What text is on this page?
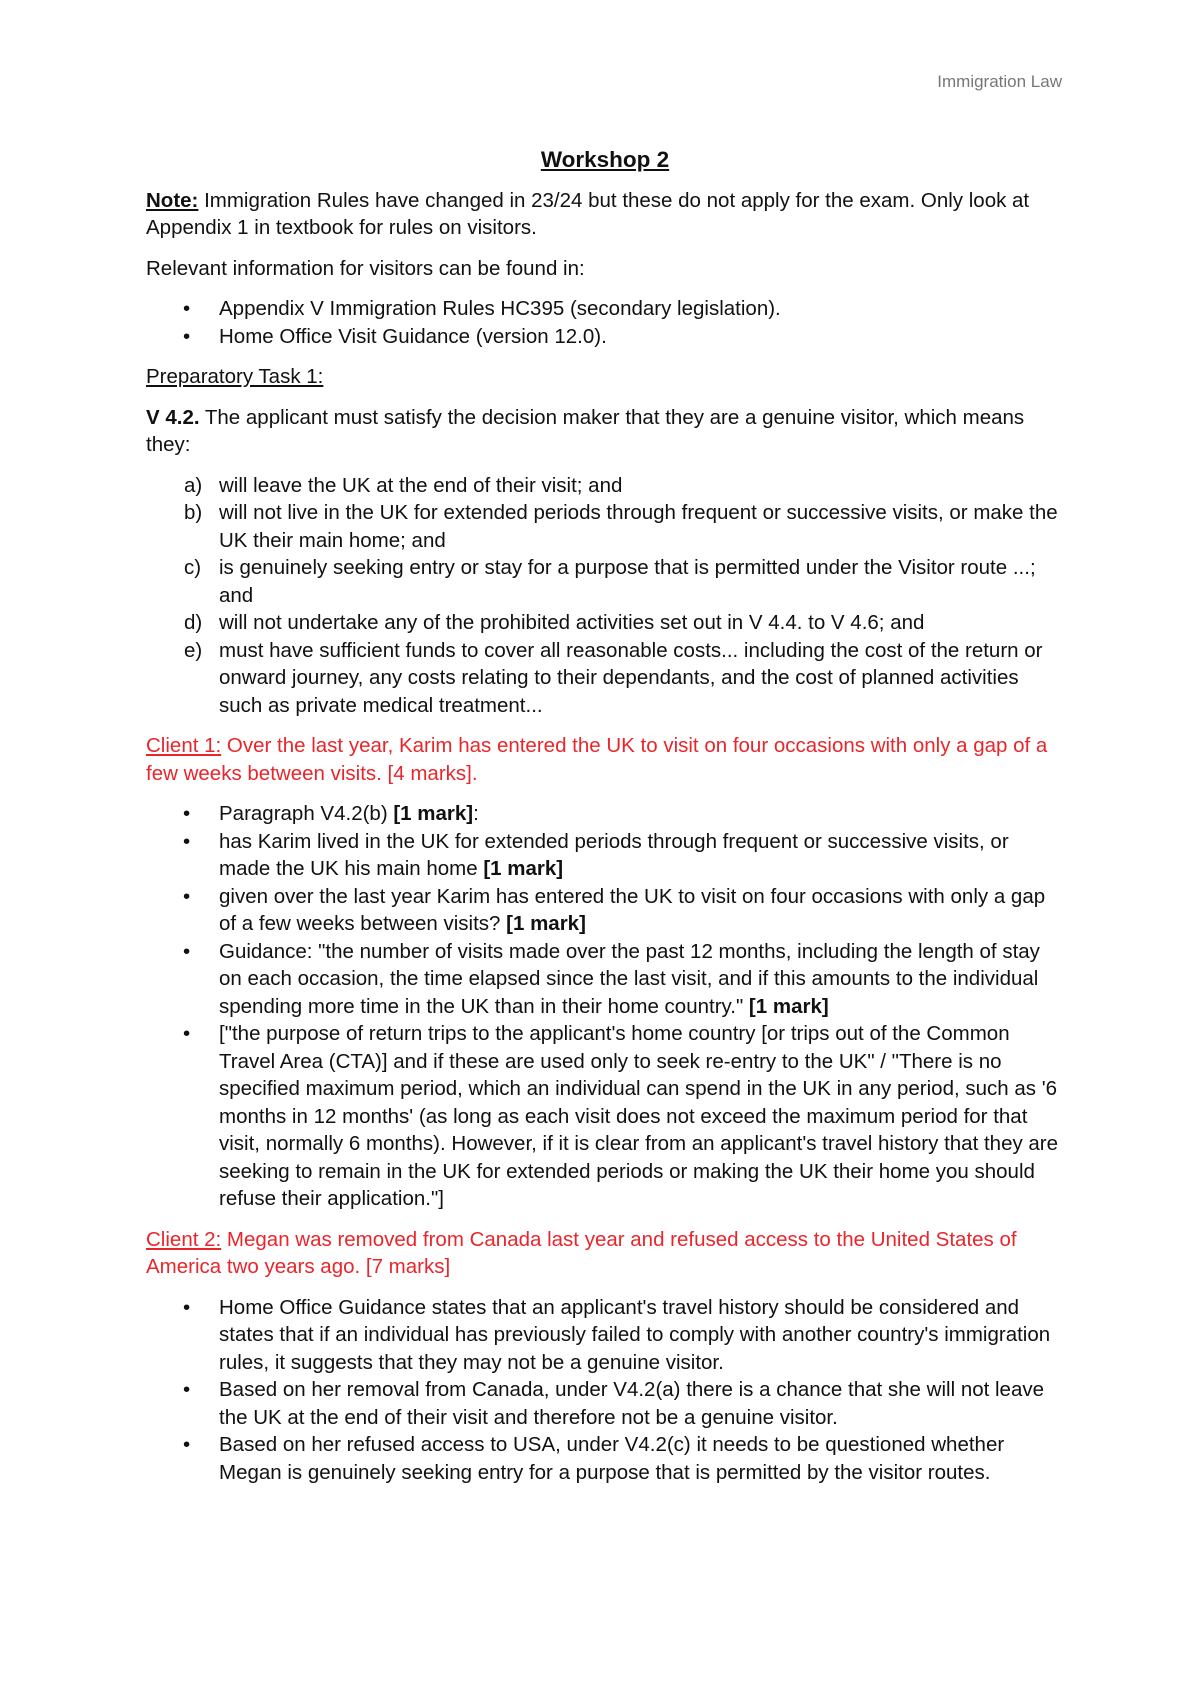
Immigration Law
Workshop 2

Note: Immigration Rules have changed in 23/24 but these do not apply for the exam. Only look at Appendix 1 in textbook for rules on visitors.

Relevant information for visitors can be found in:

• Appendix V Immigration Rules HC395 (secondary legislation).
• Home Office Visit Guidance (version 12.0).

Preparatory Task 1:

V 4.2. The applicant must satisfy the decision maker that they are a genuine visitor, which means they:

a) will leave the UK at the end of their visit; and
b) will not live in the UK for extended periods through frequent or successive visits, or make the UK their main home; and
c) is genuinely seeking entry or stay for a purpose that is permitted under the Visitor route ...; and
d) will not undertake any of the prohibited activities set out in V 4.4. to V 4.6; and
e) must have sufficient funds to cover all reasonable costs... including the cost of the return or onward journey, any costs relating to their dependants, and the cost of planned activities such as private medical treatment...

Client 1: Over the last year, Karim has entered the UK to visit on four occasions with only a gap of a few weeks between visits. [4 marks].

• Paragraph V4.2(b) [1 mark]:
• has Karim lived in the UK for extended periods through frequent or successive visits, or made the UK his main home [1 mark]
• given over the last year Karim has entered the UK to visit on four occasions with only a gap of a few weeks between visits? [1 mark]
• Guidance: "the number of visits made over the past 12 months, including the length of stay on each occasion, the time elapsed since the last visit, and if this amounts to the individual spending more time in the UK than in their home country." [1 mark]
• ["the purpose of return trips to the applicant's home country [or trips out of the Common Travel Area (CTA)] and if these are used only to seek re-entry to the UK" / "There is no specified maximum period, which an individual can spend in the UK in any period, such as '6 months in 12 months' (as long as each visit does not exceed the maximum period for that visit, normally 6 months). However, if it is clear from an applicant's travel history that they are seeking to remain in the UK for extended periods or making the UK their home you should refuse their application."]

Client 2: Megan was removed from Canada last year and refused access to the United States of America two years ago. [7 marks]

• Home Office Guidance states that an applicant's travel history should be considered and states that if an individual has previously failed to comply with another country's immigration rules, it suggests that they may not be a genuine visitor.
• Based on her removal from Canada, under V4.2(a) there is a chance that she will not leave the UK at the end of their visit and therefore not be a genuine visitor.
• Based on her refused access to USA, under V4.2(c) it needs to be questioned whether Megan is genuinely seeking entry for a purpose that is permitted by the visitor routes.
